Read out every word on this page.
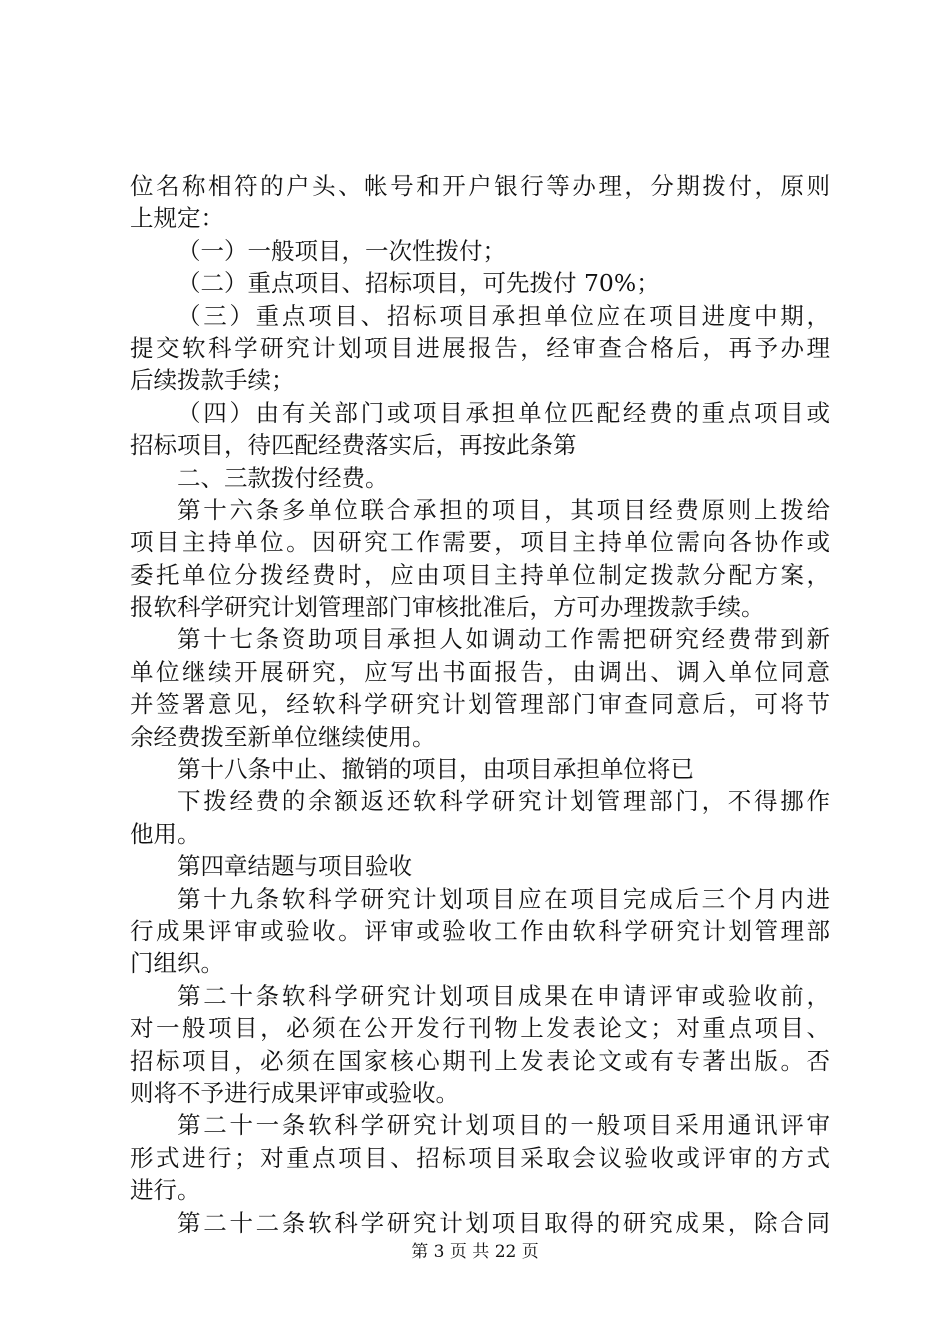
位名称相符的户头、帐号和开户银行等办理，分期拨付，原则
上规定：
（一）一般项目，一次性拨付；
（二）重点项目、招标项目，可先拨付 70%；
（三）重点项目、招标项目承担单位应在项目进度中期，
提交软科学研究计划项目进展报告，经审查合格后，再予办理
后续拨款手续；
（四）由有关部门或项目承担单位匹配经费的重点项目或
招标项目，待匹配经费落实后，再按此条第
二、三款拨付经费。
第十六条多单位联合承担的项目，其项目经费原则上拨给
项目主持单位。因研究工作需要，项目主持单位需向各协作或
委托单位分拨经费时，应由项目主持单位制定拨款分配方案，
报软科学研究计划管理部门审核批准后，方可办理拨款手续。
第十七条资助项目承担人如调动工作需把研究经费带到新
单位继续开展研究，应写出书面报告，由调出、调入单位同意
并签署意见，经软科学研究计划管理部门审查同意后，可将节
余经费拨至新单位继续使用。
第十八条中止、撤销的项目，由项目承担单位将已
下拨经费的余额返还软科学研究计划管理部门，不得挪作
他用。
第四章结题与项目验收
第十九条软科学研究计划项目应在项目完成后三个月内进
行成果评审或验收。评审或验收工作由软科学研究计划管理部
门组织。
第二十条软科学研究计划项目成果在申请评审或验收前，
对一般项目，必须在公开发行刊物上发表论文；对重点项目、
招标项目，必须在国家核心期刊上发表论文或有专著出版。否
则将不予进行成果评审或验收。
第二十一条软科学研究计划项目的一般项目采用通讯评审
形式进行；对重点项目、招标项目采取会议验收或评审的方式
进行。
第二十二条软科学研究计划项目取得的研究成果，除合同
第 3 页 共 22 页
